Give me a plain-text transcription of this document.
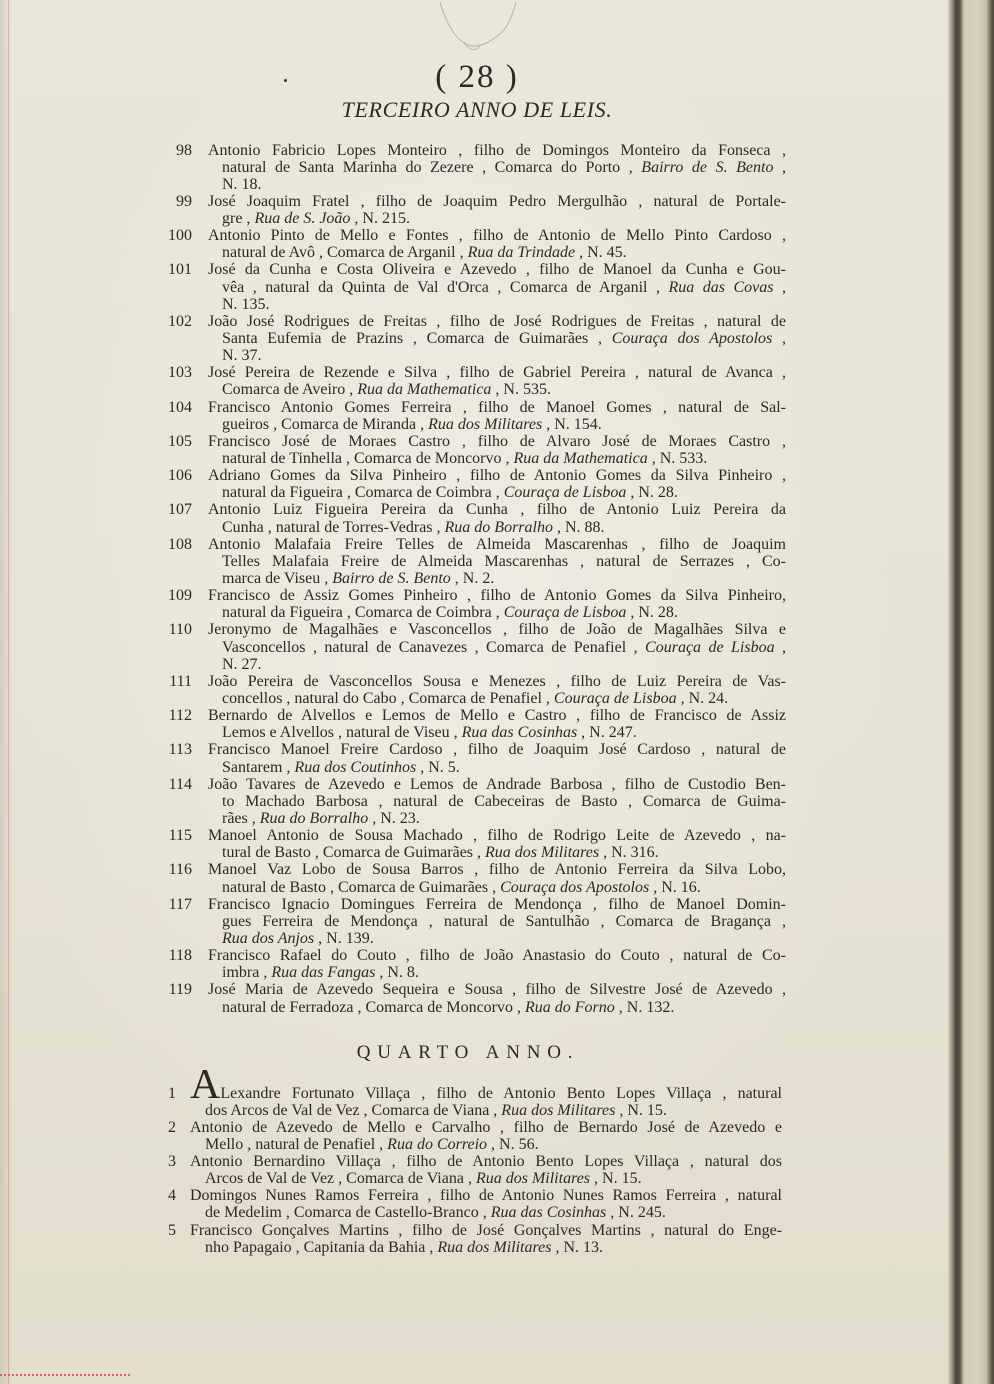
( 28 )
TERCEIRO ANNO DE LEIS.
98 Antonio Fabricio Lopes Monteiro , filho de Domingos Monteiro da Fonseca ,
natural de Santa Marinha do Zezere , Comarca do Porto , Bairro de S. Bento ,
N. 18.
99 José Joaquim Fratel , filho de Joaquim Pedro Mergulhão , natural de Portale-
gre , Rua de S. João , N. 215.
100 Antonio Pinto de Mello e Fontes , filho de Antonio de Mello Pinto Cardoso ,
natural de Avô , Comarca de Arganil , Rua da Trindade , N. 45.
101 José da Cunha e Costa Oliveira e Azevedo , filho de Manoel da Cunha e Gou-
vêa , natural da Quinta de Val d'Orca , Comarca de Arganil , Rua das Covas ,
N. 135.
102 João José Rodrigues de Freitas , filho de José Rodrigues de Freitas , natural de
Santa Eufemia de Prazins , Comarca de Guimarães , Couraça dos Apostolos ,
N. 37.
103 José Pereira de Rezende e Silva , filho de Gabriel Pereira , natural de Avanca ,
Comarca de Aveiro , Rua da Mathematica , N. 535.
104 Francisco Antonio Gomes Ferreira , filho de Manoel Gomes , natural de Sal-
gueiros , Comarca de Miranda , Rua dos Militares , N. 154.
105 Francisco José de Moraes Castro , filho de Alvaro José de Moraes Castro ,
natural de Tinhella , Comarca de Moncorvo , Rua da Mathematica , N. 533.
106 Adriano Gomes da Silva Pinheiro , filho de Antonio Gomes da Silva Pinheiro ,
natural da Figueira , Comarca de Coimbra , Couraça de Lisboa , N. 28.
107 Antonio Luiz Figueira Pereira da Cunha , filho de Antonio Luiz Pereira da
Cunha , natural de Torres-Vedras , Rua do Borralho , N. 88.
108 Antonio Malafaia Freire Telles de Almeida Mascarenhas , filho de Joaquim
Telles Malafaia Freire de Almeida Mascarenhas , natural de Serrazes , Co-
marca de Viseu , Bairro de S. Bento , N. 2.
109 Francisco de Assiz Gomes Pinheiro , filho de Antonio Gomes da Silva Pinheiro,
natural da Figueira , Comarca de Coimbra , Couraça de Lisboa , N. 28.
110 Jeronymo de Magalhães e Vasconcellos , filho de João de Magalhães Silva e
Vasconcellos , natural de Canavezes , Comarca de Penafiel , Couraça de Lisboa ,
N. 27.
111 João Pereira de Vasconcellos Sousa e Menezes , filho de Luiz Pereira de Vas-
concellos , natural do Cabo , Comarca de Penafiel , Couraça de Lisboa , N. 24.
112 Bernardo de Alvellos e Lemos de Mello e Castro , filho de Francisco de Assiz
Lemos e Alvellos , natural de Viseu , Rua das Cosinhas , N. 247.
113 Francisco Manoel Freire Cardoso , filho de Joaquim José Cardoso , natural de
Santarem , Rua dos Coutinhos , N. 5.
114 João Tavares de Azevedo e Lemos de Andrade Barbosa , filho de Custodio Ben-
to Machado Barbosa , natural de Cabeceiras de Basto , Comarca de Guima-
rães , Rua do Borralho , N. 23.
115 Manoel Antonio de Sousa Machado , filho de Rodrigo Leite de Azevedo , na-
tural de Basto , Comarca de Guimarães , Rua dos Militares , N. 316.
116 Manoel Vaz Lobo de Sousa Barros , filho de Antonio Ferreira da Silva Lobo,
natural de Basto , Comarca de Guimarães , Couraça dos Apostolos , N. 16.
117 Francisco Ignacio Domingues Ferreira de Mendonça , filho de Manoel Domin-
gues Ferreira de Mendonça , natural de Santulhão , Comarca de Bragança ,
Rua dos Anjos , N. 139.
118 Francisco Rafael do Couto , filho de João Anastasio do Couto , natural de Co-
imbra , Rua das Fangas , N. 8.
119 José Maria de Azevedo Sequeira e Sousa , filho de Silvestre José de Azevedo ,
natural de Ferradoza , Comarca de Moncorvo , Rua do Forno , N. 132.
QUARTO ANNO.
1 ALexandre Fortunato Villaça , filho de Antonio Bento Lopes Villaça , natural
dos Arcos de Val de Vez , Comarca de Viana , Rua dos Militares , N. 15.
2 Antonio de Azevedo de Mello e Carvalho , filho de Bernardo José de Azevedo e
Mello , natural de Penafiel , Rua do Correio , N. 56.
3 Antonio Bernardino Villaça , filho de Antonio Bento Lopes Villaça , natural dos
Arcos de Val de Vez , Comarca de Viana , Rua dos Militares , N. 15.
4 Domingos Nunes Ramos Ferreira , filho de Antonio Nunes Ramos Ferreira , natural
de Medelim , Comarca de Castello-Branco , Rua das Cosinhas , N. 245.
5 Francisco Gonçalves Martins , filho de José Gonçalves Martins , natural do Enge-
nho Papagaio , Capitania da Bahia , Rua dos Militares , N. 13.
